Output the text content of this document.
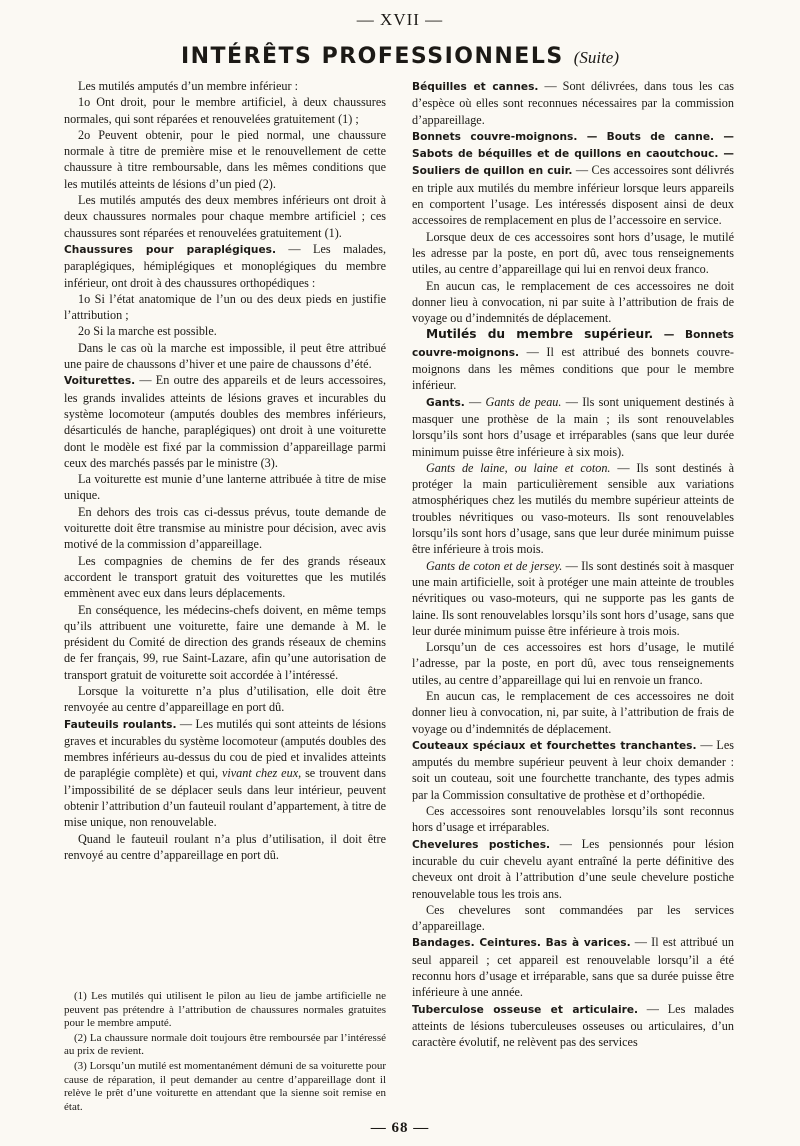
— XVII —
INTÉRÊTS PROFESSIONNELS (Suite)

Les mutilés amputés d’un membre inférieur :

1o Ont droit, pour le membre artificiel, à deux chaussures normales, qui sont réparées et renouvelées gratuitement (1) ;

2o Peuvent obtenir, pour le pied normal, une chaussure normale à titre de première mise et le renouvellement de cette chaussure à titre remboursable, dans les mêmes conditions que les mutilés atteints de lésions d’un pied (2).

Les mutilés amputés des deux membres inférieurs ont droit à deux chaussures normales pour chaque membre artificiel ; ces chaussures sont réparées et renouvelées gratuitement (1).

Chaussures pour paraplégiques. — Les malades, paraplégiques, hémiplégiques et monoplégiques du membre inférieur, ont droit à des chaussures orthopédiques :

1o Si l’état anatomique de l’un ou des deux pieds en justifie l’attribution ;

2o Si la marche est possible.

Dans le cas où la marche est impossible, il peut être attribué une paire de chaussons d’hiver et une paire de chaussons d’été.

Voiturettes. — En outre des appareils et de leurs accessoires, les grands invalides atteints de lésions graves et incurables du système locomoteur (amputés doubles des membres inférieurs, désarticulés de hanche, paraplégiques) ont droit à une voiturette dont le modèle est fixé par la commission d’appareillage parmi ceux des marchés passés par le ministre (3).

La voiturette est munie d’une lanterne attribuée à titre de mise unique.

En dehors des trois cas ci-dessus prévus, toute demande de voiturette doit être transmise au ministre pour décision, avec avis motivé de la commission d’appareillage.

Les compagnies de chemins de fer des grands réseaux accordent le transport gratuit des voiturettes que les mutilés emmènent avec eux dans leurs déplacements.

En conséquence, les médecins-chefs doivent, en même temps qu’ils attribuent une voiturette, faire une demande à M. le président du Comité de direction des grands réseaux de chemins de fer français, 99, rue Saint-Lazare, afin qu’une autorisation de transport gratuit de voiturette soit accordée à l’intéressé.

Lorsque la voiturette n’a plus d’utilisation, elle doit être renvoyée au centre d’appareillage en port dû.

Fauteuils roulants. — Les mutilés qui sont atteints de lésions graves et incurables du système locomoteur (amputés doubles des membres inférieurs au-dessus du cou de pied et invalides atteints de paraplégie complète) et qui, vivant chez eux, se trouvent dans l’impossibilité de se déplacer seuls dans leur intérieur, peuvent obtenir l’attribution d’un fauteuil roulant d’appartement, à titre de mise unique, non renouvelable.

Quand le fauteuil roulant n’a plus d’utilisation, il doit être renvoyé au centre d’appareillage en port dû.

(1) Les mutilés qui utilisent le pilon au lieu de jambe artificielle ne peuvent pas prétendre à l’attribution de chaussures normales gratuites pour le membre amputé.

(2) La chaussure normale doit toujours être remboursée par l’intéressé au prix de revient.

(3) Lorsqu’un mutilé est momentanément démuni de sa voiturette pour cause de réparation, il peut demander au centre d’appareillage dont il relève le prêt d’une voiturette en attendant que la sienne soit remise en état.

Béquilles et cannes. — Sont délivrées, dans tous les cas d’espèce où elles sont reconnues nécessaires par la commission d’appareillage.

Bonnets couvre-moignons. — Bouts de canne. — Sabots de béquilles et de quillons en caoutchouc. — Souliers de quillon en cuir. — Ces accessoires sont délivrés en triple aux mutilés du membre inférieur lorsque leurs appareils en comportent l’usage. Les intéressés disposent ainsi de deux accessoires de remplacement en plus de l’accessoire en service.

Lorsque deux de ces accessoires sont hors d’usage, le mutilé les adresse par la poste, en port dû, avec tous renseignements utiles, au centre d’appareillage qui lui en renvoi deux franco.

En aucun cas, le remplacement de ces accessoires ne doit donner lieu à convocation, ni par suite à l’attribution de frais de voyage ou d’indemnités de déplacement.

Mutilés du membre supérieur. — Bonnets couvre-moignons. — Il est attribué des bonnets couvre-moignons dans les mêmes conditions que pour le membre inférieur.

Gants. — Gants de peau. — Ils sont uniquement destinés à masquer une prothèse de la main ; ils sont renouvelables lorsqu’ils sont hors d’usage et irréparables (sans que leur durée minimum puisse être inférieure à six mois).

Gants de laine, ou laine et coton. — Ils sont destinés à protéger la main particulièrement sensible aux variations atmosphériques chez les mutilés du membre supérieur atteints de troubles névritiques ou vaso-moteurs. Ils sont renouvelables lorsqu’ils sont hors d’usage, sans que leur durée minimum puisse être inférieure à trois mois.

Gants de coton et de jersey. — Ils sont destinés soit à masquer une main artificielle, soit à protéger une main atteinte de troubles névritiques ou vaso-moteurs, qui ne supporte pas les gants de laine. Ils sont renouvelables lorsqu’ils sont hors d’usage, sans que leur durée minimum puisse être inférieure à trois mois.

Lorsqu’un de ces accessoires est hors d’usage, le mutilé l’adresse, par la poste, en port dû, avec tous renseignements utiles, au centre d’appareillage qui lui en renvoie un franco.

En aucun cas, le remplacement de ces accessoires ne doit donner lieu à convocation, ni, par suite, à l’attribution de frais de voyage ou d’indemnités de déplacement.

Couteaux spéciaux et fourchettes tranchantes. — Les amputés du membre supérieur peuvent à leur choix demander : soit un couteau, soit une fourchette tranchante, des types admis par la Commission consultative de prothèse et d’orthopédie.

Ces accessoires sont renouvelables lorsqu’ils sont reconnus hors d’usage et irréparables.

Chevelures postiches. — Les pensionnés pour lésion incurable du cuir chevelu ayant entraîné la perte définitive des cheveux ont droit à l’attribution d’une seule chevelure postiche renouvelable tous les trois ans.

Ces chevelures sont commandées par les services d’appareillage.

Bandages. Ceintures. Bas à varices. — Il est attribué un seul appareil ; cet appareil est renouvelable lorsqu’il a été reconnu hors d’usage et irréparable, sans que sa durée puisse être inférieure à une année.

Tuberculose osseuse et articulaire. — Les malades atteints de lésions tuberculeuses osseuses ou articulaires, d’un caractère évolutif, ne relèvent pas des services

— 68 —
